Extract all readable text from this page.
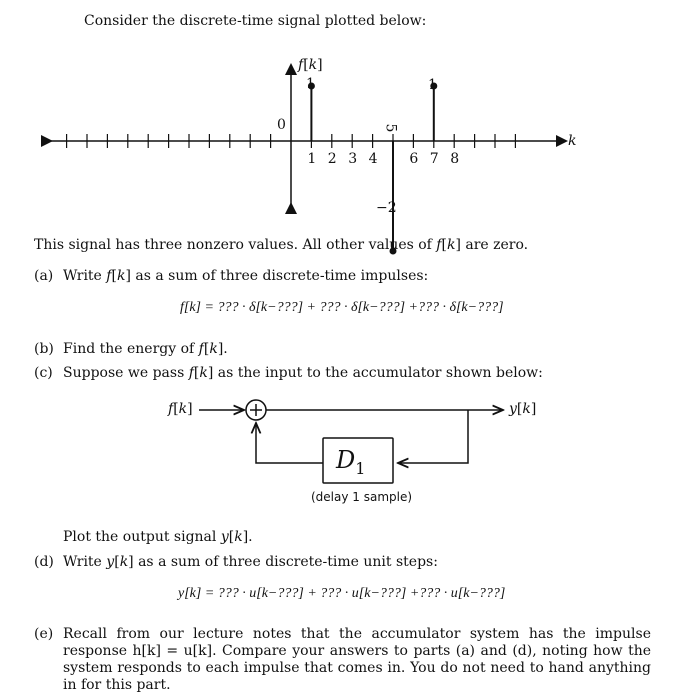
Consider the discrete-time signal plotted below:
f[k]
k
0
1	1
−2
5
1 2 3 4 6 7 8
This signal has three nonzero values. All other values of f[k] are zero.
(a) Write f[k] as a sum of three discrete-time impulses:
f[k] = ??? · δ[k−???] + ??? · δ[k−???] +??? · δ[k−???]
(b) Find the energy of f[k].
(c) Suppose we pass f[k] as the input to the accumulator shown below:
f[k]	y[k]
$D_1$
(delay 1 sample)
Plot the output signal y[k].
(d) Write y[k] as a sum of three discrete-time unit steps:
y[k] = ??? · u[k−???] + ??? · u[k−???] +??? · u[k−???]
(e) Recall from our lecture notes that the accumulator system has the impulse response h[k] = u[k]. Compare your answers to parts (a) and (d), noting how the system responds to each impulse that comes in. You do not need to hand anything in for this part.
